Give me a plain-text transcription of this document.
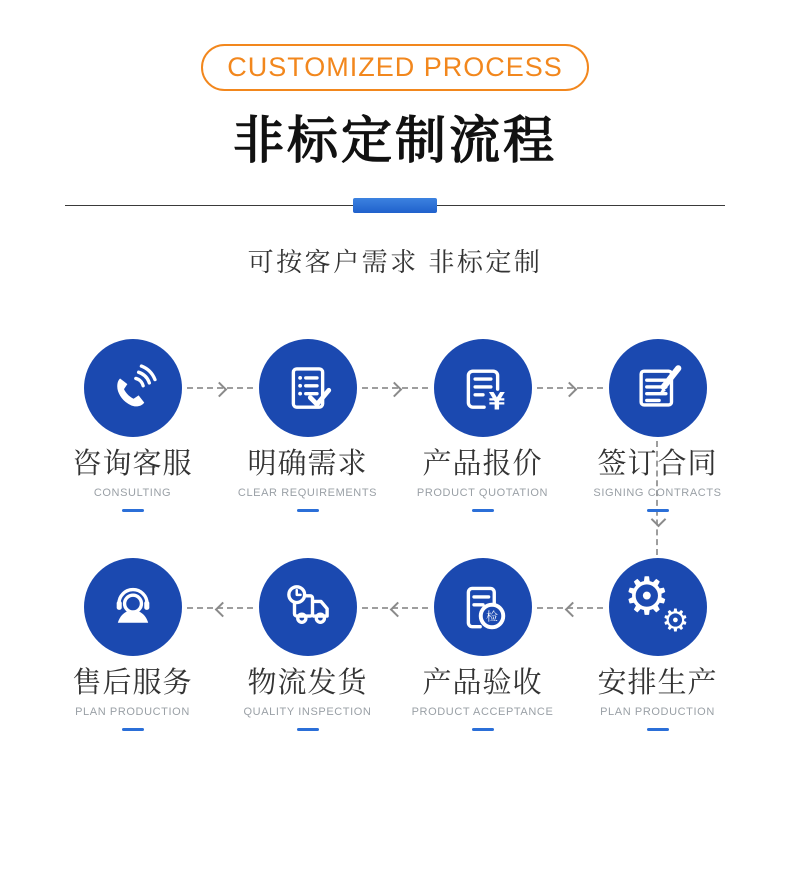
CUSTOMIZED PROCESS
非标定制流程
可按客户需求 非标定制
咨询客服
CONSULTING
明确需求
CLEAR REQUIREMENTS
¥
产品报价
PRODUCT QUOTATION
签订合同
SIGNING CONTRACTS
售后服务
PLAN PRODUCTION
物流发货
QUALITY INSPECTION
检
产品验收
PRODUCT ACCEPTANCE
⚙
⚙
安排生产
PLAN PRODUCTION
